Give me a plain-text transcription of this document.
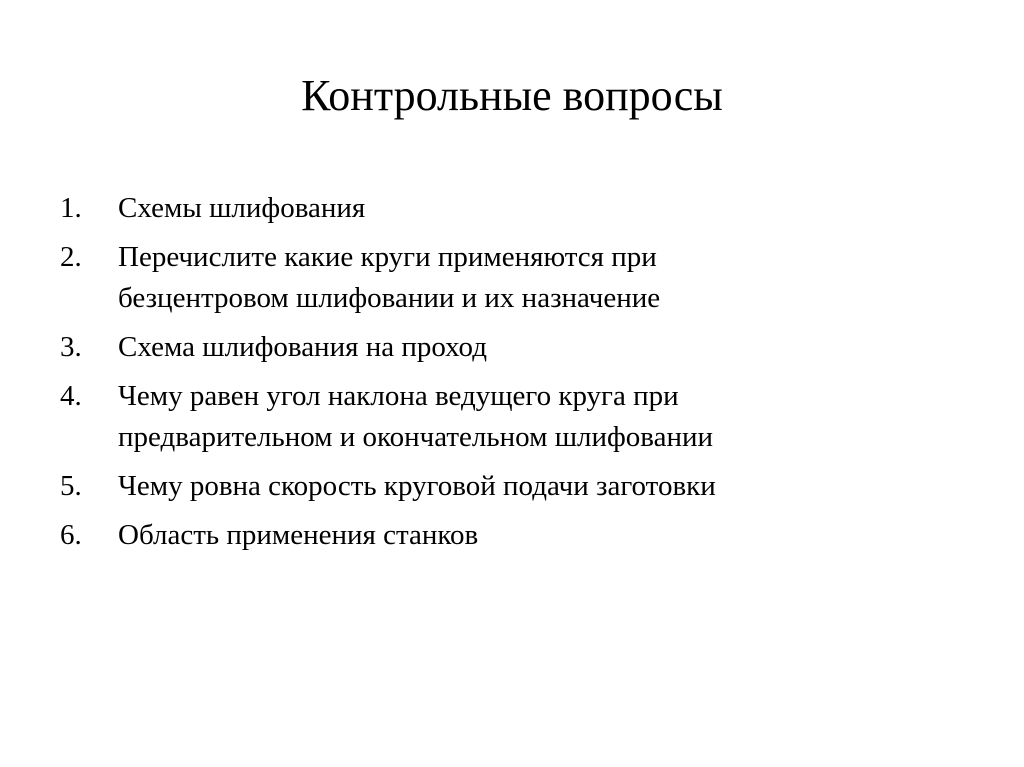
Контрольные вопросы
1.	Схемы шлифования
2.	Перечислите какие круги применяются при безцентровом шлифовании и их назначение
3.	Схема шлифования на проход
4.	Чему равен угол наклона ведущего круга при предварительном и окончательном шлифовании
5.	Чему ровна скорость круговой подачи заготовки
6.	Область применения станков
